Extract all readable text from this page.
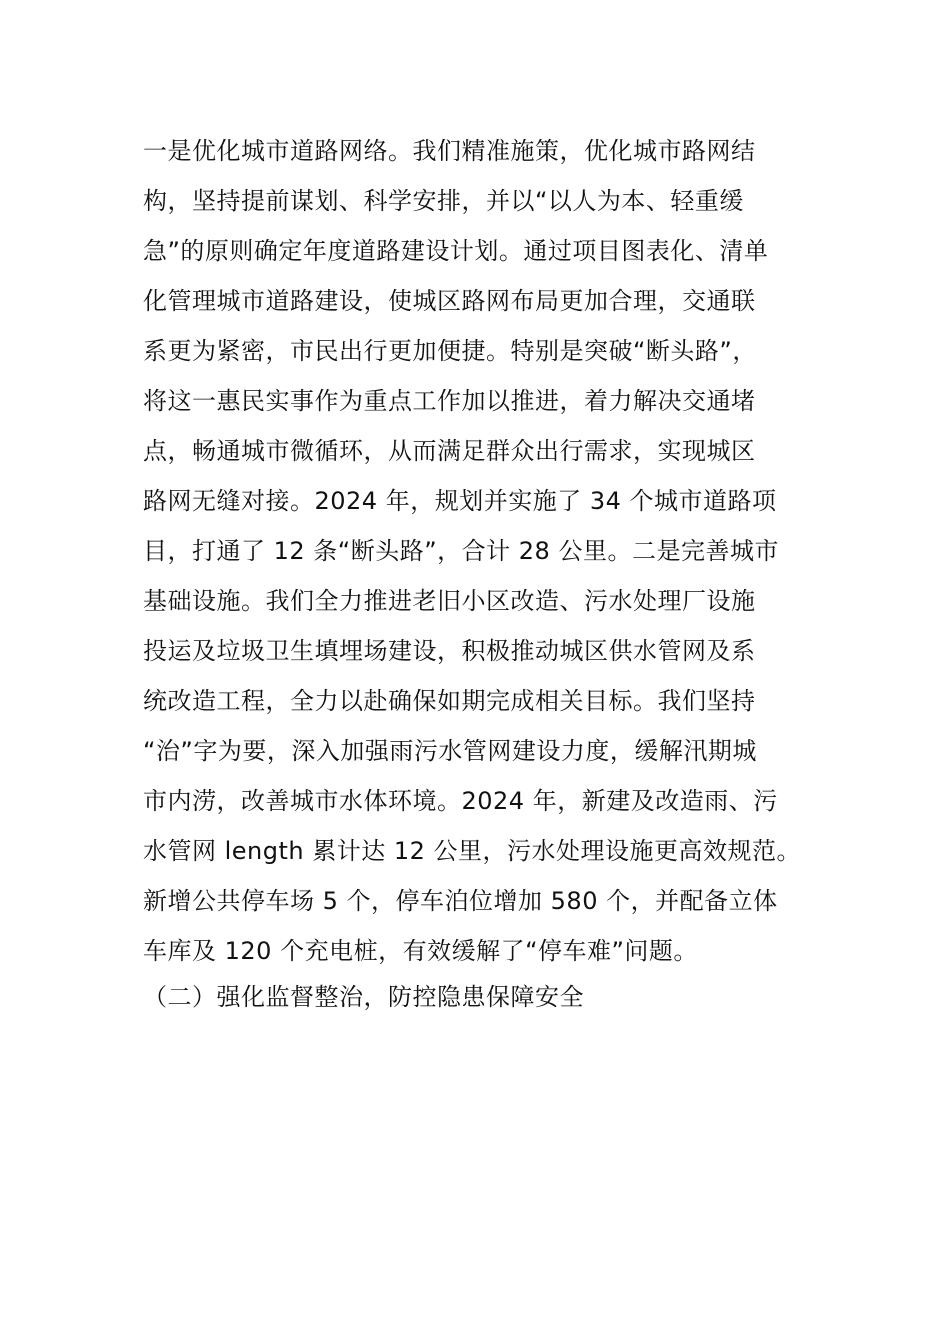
一是优化城市道路网络。我们精准施策，优化城市路网结
构，坚持提前谋划、科学安排，并以“以人为本、轻重缓
急”的原则确定年度道路建设计划。通过项目图表化、清单
化管理城市道路建设，使城区路网布局更加合理，交通联
系更为紧密，市民出行更加便捷。特别是突破“断头路”，
将这一惠民实事作为重点工作加以推进，着力解决交通堵
点，畅通城市微循环，从而满足群众出行需求，实现城区
路网无缝对接。2024 年，规划并实施了 34 个城市道路项
目，打通了 12 条“断头路”，合计 28 公里。二是完善城市
基础设施。我们全力推进老旧小区改造、污水处理厂设施
投运及垃圾卫生填埋场建设，积极推动城区供水管网及系
统改造工程，全力以赴确保如期完成相关目标。我们坚持
“治”字为要，深入加强雨污水管网建设力度，缓解汛期城
市内涝，改善城市水体环境。2024 年，新建及改造雨、污
水管网 length 累计达 12 公里，污水处理设施更高效规范。
新增公共停车场 5 个，停车泊位增加 580 个，并配备立体
车库及 120 个充电桩，有效缓解了“停车难”问题。
（二）强化监督整治，防控隐患保障安全
